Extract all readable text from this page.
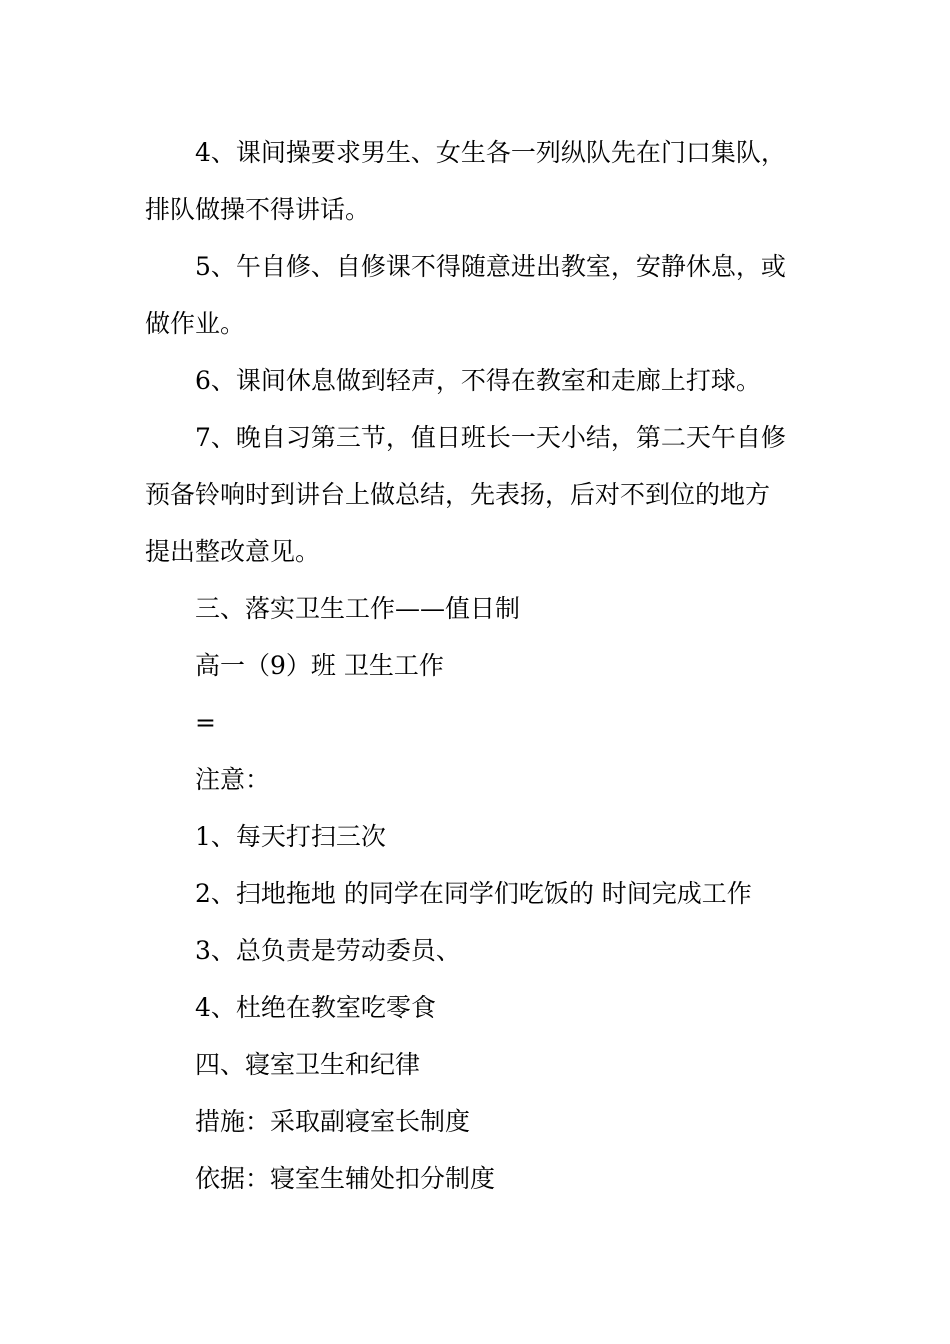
4、课间操要求男生、女生各一列纵队先在门口集队，
排队做操不得讲话。
5、午自修、自修课不得随意进出教室，安静休息，或
做作业。
6、课间休息做到轻声，不得在教室和走廊上打球。
7、晚自习第三节，值日班长一天小结，第二天午自修
预备铃响时到讲台上做总结，先表扬，后对不到位的地方
提出整改意见。
三、落实卫生工作——值日制
高一（9）班 卫生工作
=
注意：
1、每天打扫三次
2、扫地拖地 的同学在同学们吃饭的 时间完成工作
3、总负责是劳动委员、
4、杜绝在教室吃零食
四、寝室卫生和纪律
措施：采取副寝室长制度
依据：寝室生辅处扣分制度
